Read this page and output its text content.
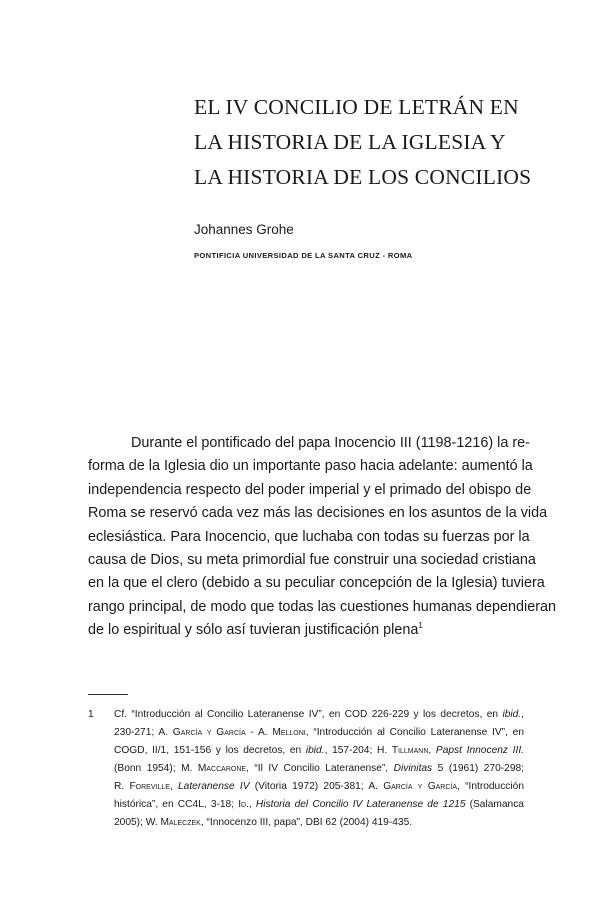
EL IV CONCILIO DE LETRÁN EN
LA HISTORIA DE LA IGLESIA Y
LA HISTORIA DE LOS CONCILIOS

Johannes Grohe

PONTIFICIA UNIVERSIDAD DE LA SANTA CRUZ - ROMA

Durante el pontificado del papa Inocencio III (1198-1216) la re-
forma de la Iglesia dio un importante paso hacia adelante: aumentó la
independencia respecto del poder imperial y el primado del obispo de
Roma se reservó cada vez más las decisiones en los asuntos de la vida
eclesiástica. Para Inocencio, que luchaba con todas su fuerzas por la
causa de Dios, su meta primordial fue construir una sociedad cristiana
en la que el clero (debido a su peculiar concepción de la Iglesia) tuviera
rango principal, de modo que todas las cuestiones humanas dependieran
de lo espiritual y sólo así tuvieran justificación plena$^1$
1 Cf. “Introducción al Concilio Lateranense IV”, en COD 226-229 y los decretos, en ibid.,
230-271; A. García y García - A. Melloni, “Introducción al Concilio Lateranense IV”, en
COGD, II/1, 151-156 y los decretos, en ibid., 157-204; H. Tillmann, Papst Innocenz III.
(Bonn 1954); M. Maccarone, “Il IV Concilio Lateranense”, Divinitas 5 (1961) 270-298;
R. Foreville, Lateranense IV (Vitoria 1972) 205-381; A. García y García, “Introducción
histórica”, en CC4L, 3-18; Id., Historia del Concilio IV Lateranense de 1215 (Salamanca
2005); W. Maleczek, “Innocenzo III, papa”, DBI 62 (2004) 419-435.
